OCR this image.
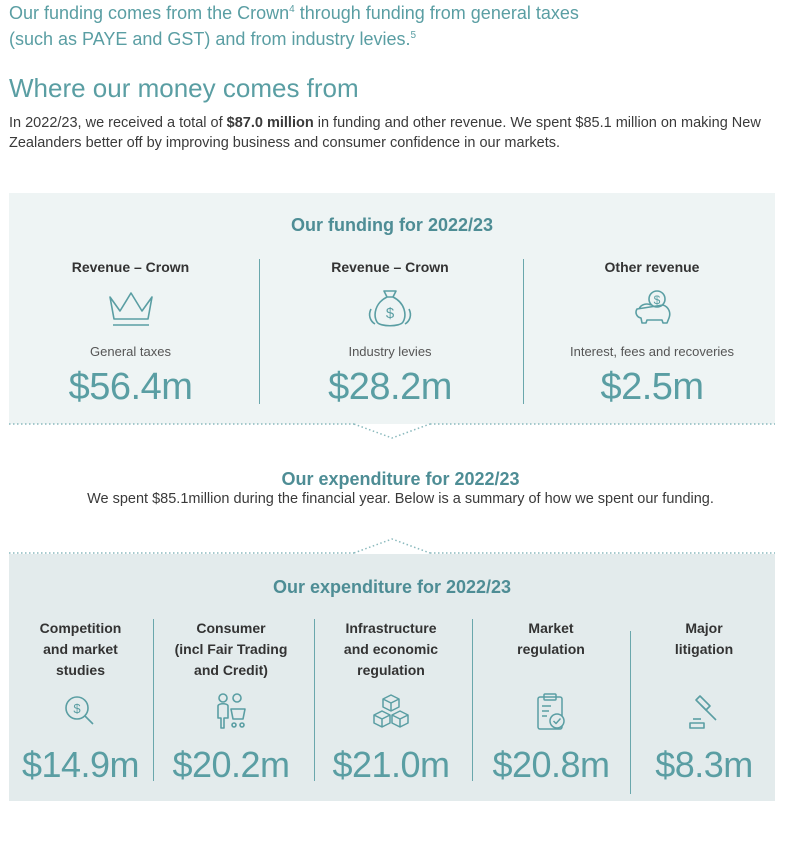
Our funding comes from the Crown$^4$ through funding from general taxes
(such as PAYE and GST) and from industry levies.$^5$
Where our money comes from
In 2022/23, we received a total of $87.0 million in funding and other revenue. We spent $85.1 million on making New Zealanders better off by improving business and consumer confidence in our markets.
Our funding for 2022/23
Revenue – Crown
General taxes
$56.4m
Revenue – Crown
$
Industry levies
$28.2m
Other revenue
$
Interest, fees and recoveries
$2.5m
Our expenditure for 2022/23
We spent $85.1million during the financial year. Below is a summary of how we spent our funding.
Our expenditure for 2022/23
Competition
and market
studies
$
$14.9m
Consumer
(incl Fair Trading
and Credit)
$20.2m
Infrastructure
and economic
regulation
$21.0m
Market
regulation
$20.8m
Major
litigation
$8.3m
